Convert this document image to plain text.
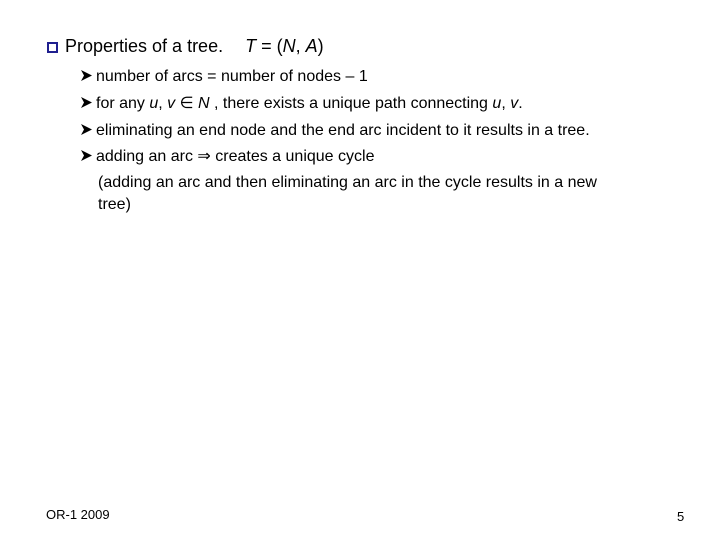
Properties of a tree. T = (N, A)
number of arcs = number of nodes – 1
for any u, v ∈ N , there exists a unique path connecting u, v.
eliminating an end node and the end arc incident to it results in a tree.
adding an arc ⇒ creates a unique cycle
(adding an arc and then eliminating an arc in the cycle results in a new
tree)
OR-1 2009	5
